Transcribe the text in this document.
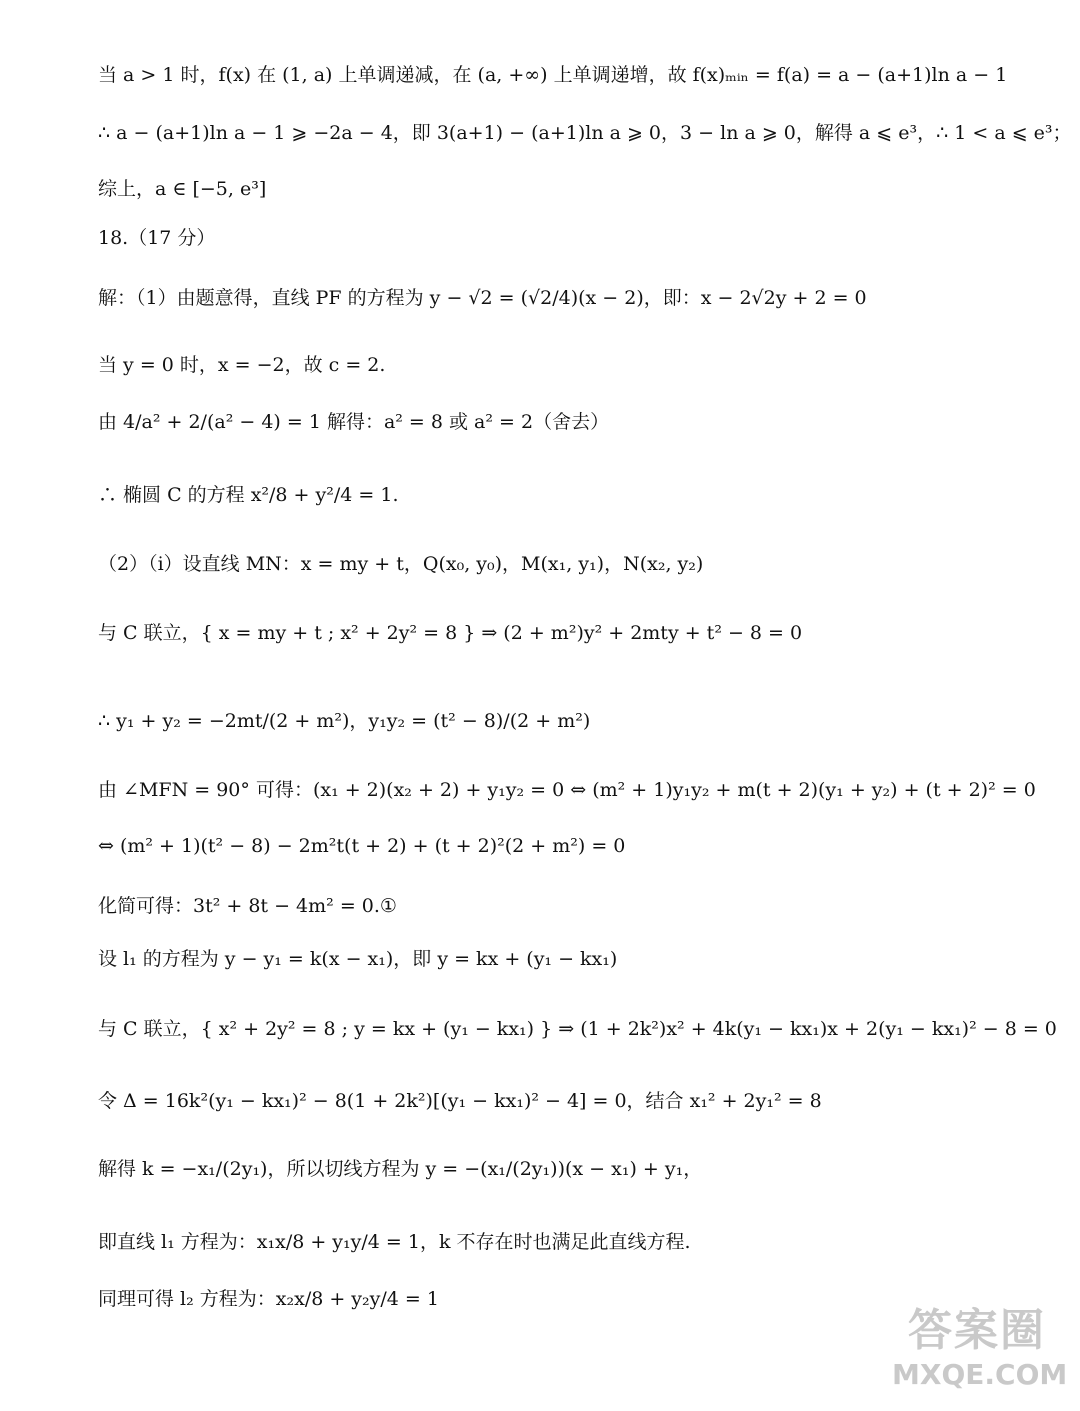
当 a > 1 时，f(x) 在 (1, a) 上单调递减，在 (a, +∞) 上单调递增，故 f(x)ₘᵢₙ = f(a) = a − (a+1)ln a − 1
∴ a − (a+1)ln a − 1 ⩾ −2a − 4，即 3(a+1) − (a+1)ln a ⩾ 0，3 − ln a ⩾ 0，解得 a ⩽ e³，∴ 1 < a ⩽ e³；
综上，a ∈ [−5, e³]
18.（17 分）
解：（1）由题意得，直线 PF 的方程为 y − √2 = (√2/4)(x − 2)，即：x − 2√2y + 2 = 0
当 y = 0 时，x = −2，故 c = 2.
由 4/a² + 2/(a² − 4) = 1 解得：a² = 8 或 a² = 2（舍去）
∴ 椭圆 C 的方程 x²/8 + y²/4 = 1.
（2）（i）设直线 MN：x = my + t，Q(x₀, y₀)，M(x₁, y₁)，N(x₂, y₂)
与 C 联立，{ x = my + t ; x² + 2y² = 8 } ⇒ (2 + m²)y² + 2mty + t² − 8 = 0
∴ y₁ + y₂ = −2mt/(2 + m²)，y₁y₂ = (t² − 8)/(2 + m²)
由 ∠MFN = 90° 可得：(x₁ + 2)(x₂ + 2) + y₁y₂ = 0 ⇔ (m² + 1)y₁y₂ + m(t + 2)(y₁ + y₂) + (t + 2)² = 0
⇔ (m² + 1)(t² − 8) − 2m²t(t + 2) + (t + 2)²(2 + m²) = 0
化简可得：3t² + 8t − 4m² = 0.①
设 l₁ 的方程为 y − y₁ = k(x − x₁)，即 y = kx + (y₁ − kx₁)
与 C 联立，{ x² + 2y² = 8 ; y = kx + (y₁ − kx₁) } ⇒ (1 + 2k²)x² + 4k(y₁ − kx₁)x + 2(y₁ − kx₁)² − 8 = 0
令 Δ = 16k²(y₁ − kx₁)² − 8(1 + 2k²)[(y₁ − kx₁)² − 4] = 0，结合 x₁² + 2y₁² = 8
解得 k = −x₁/(2y₁)，所以切线方程为 y = −(x₁/(2y₁))(x − x₁) + y₁，
即直线 l₁ 方程为：x₁x/8 + y₁y/4 = 1，k 不存在时也满足此直线方程.
同理可得 l₂ 方程为：x₂x/8 + y₂y/4 = 1
答案圈
MXQE.COM
